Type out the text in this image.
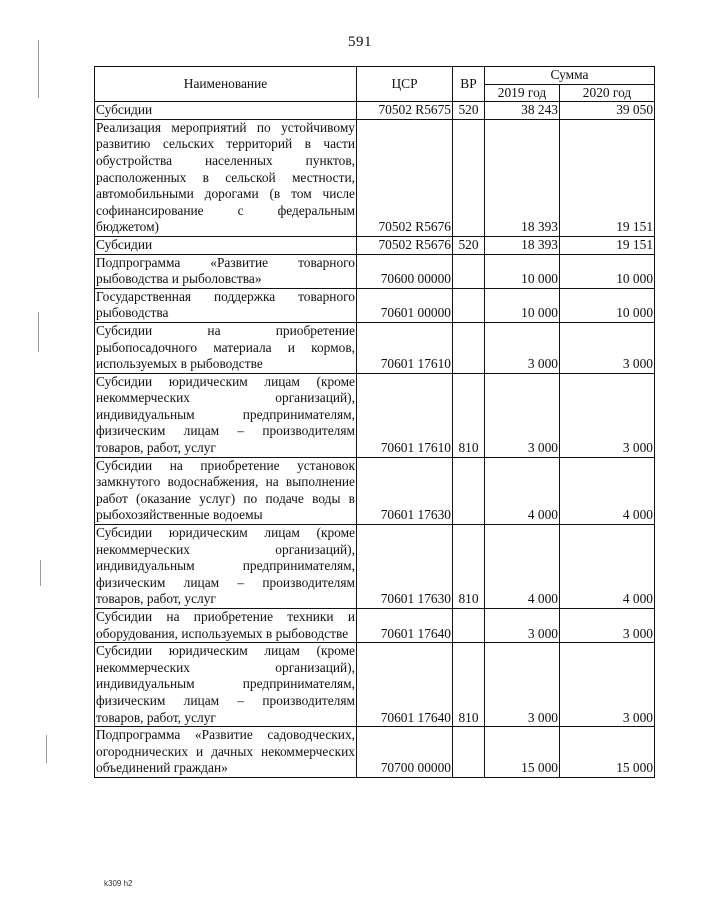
591
Наименование	ЦСР	ВР	Сумма	
			2019 год	2020 год
Субсидии	70502 R5675	520	38 243	39 050
Реализация мероприятий по устойчивому развитию сельских территорий в части обустройства населенных пунктов, расположенных в сельской местности, автомобильными дорогами (в том числе софинансирование с федеральным бюджетом)	70502 R5676		18 393	19 151
Субсидии	70502 R5676	520	18 393	19 151
Подпрограмма «Развитие товарного рыбоводства и рыболовства»	70600 00000		10 000	10 000
Государственная поддержка товарного рыбоводства	70601 00000		10 000	10 000
Субсидии на приобретение рыбопосадочного материала и кормов, используемых в рыбоводстве	70601 17610		3 000	3 000
Субсидии юридическим лицам (кроме некоммерческих организаций), индивидуальным предпринимателям, физическим лицам – производителям товаров, работ, услуг	70601 17610	810	3 000	3 000
Субсидии на приобретение установок замкнутого водоснабжения, на выполнение работ (оказание услуг) по подаче воды в рыбохозяйственные водоемы	70601 17630		4 000	4 000
Субсидии юридическим лицам (кроме некоммерческих организаций), индивидуальным предпринимателям, физическим лицам – производителям товаров, работ, услуг	70601 17630	810	4 000	4 000
Субсидии на приобретение техники и оборудования, используемых в рыбоводстве	70601 17640		3 000	3 000
Субсидии юридическим лицам (кроме некоммерческих организаций), индивидуальным предпринимателям, физическим лицам – производителям товаров, работ, услуг	70601 17640	810	3 000	3 000
Подпрограмма «Развитие садоводческих, огороднических и дачных некоммерческих объединений граждан»	70700 00000		15 000	15 000
k309 h2
